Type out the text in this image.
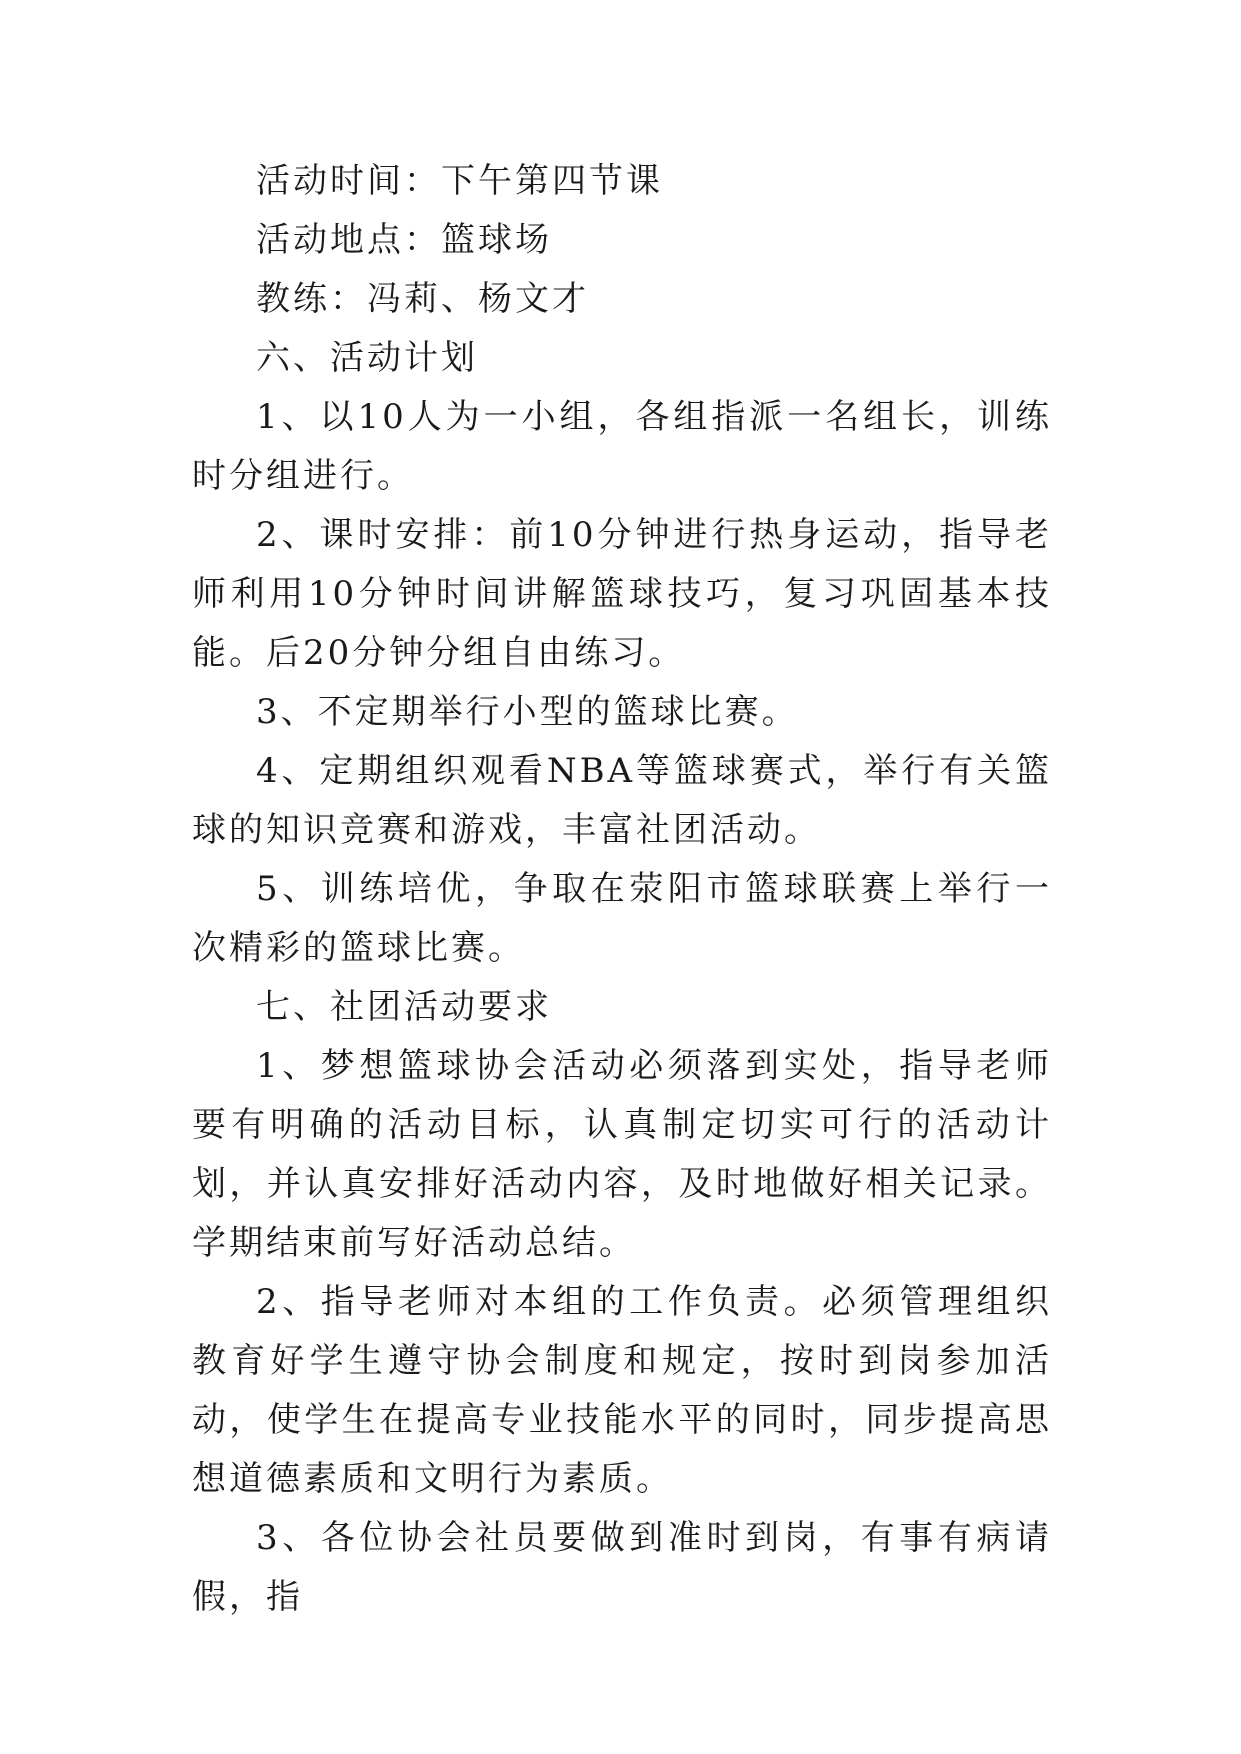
活动时间：下午第四节课

活动地点：篮球场

教练：冯莉、杨文才

六、活动计划

1、以10人为一小组，各组指派一名组长，训练时分组进行。

2、课时安排：前10分钟进行热身运动，指导老师利用10分钟时间讲解篮球技巧，复习巩固基本技能。后20分钟分组自由练习。

3、不定期举行小型的篮球比赛。

4、定期组织观看NBA等篮球赛式，举行有关篮球的知识竞赛和游戏，丰富社团活动。

5、训练培优，争取在荥阳市篮球联赛上举行一次精彩的篮球比赛。

七、社团活动要求

1、梦想篮球协会活动必须落到实处，指导老师要有明确的活动目标，认真制定切实可行的活动计划，并认真安排好活动内容，及时地做好相关记录。学期结束前写好活动总结。

2、指导老师对本组的工作负责。必须管理组织教育好学生遵守协会制度和规定，按时到岗参加活动，使学生在提高专业技能水平的同时，同步提高思想道德素质和文明行为素质。

3、各位协会社员要做到准时到岗，有事有病请假，指
